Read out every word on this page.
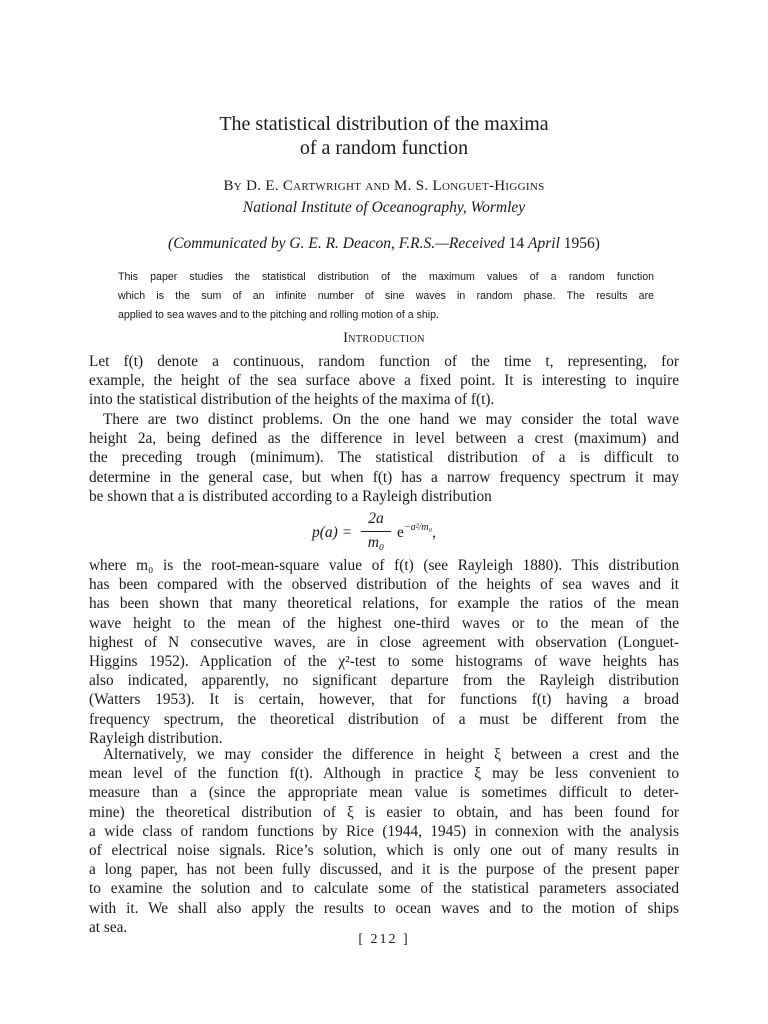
The statistical distribution of the maxima
of a random function
By D. E. Cartwright and M. S. Longuet-Higgins
National Institute of Oceanography, Wormley
(Communicated by G. E. R. Deacon, F.R.S.—Received 14 April 1956)
This paper studies the statistical distribution of the maximum values of a random function
which is the sum of an infinite number of sine waves in random phase. The results are
applied to sea waves and to the pitching and rolling motion of a ship.
Introduction
Let f(t) denote a continuous, random function of the time t, representing, for
example, the height of the sea surface above a fixed point. It is interesting to inquire
into the statistical distribution of the heights of the maxima of f(t).
There are two distinct problems. On the one hand we may consider the total wave
height 2a, being defined as the difference in level between a crest (maximum) and
the preceding trough (minimum). The statistical distribution of a is difficult to
determine in the general case, but when f(t) has a narrow frequency spectrum it may
be shown that a is distributed according to a Rayleigh distribution
p(a) =
2a
m₀
$e^{-a^2/m_0}$,
where m₀ is the root-mean-square value of f(t) (see Rayleigh 1880). This distribution
has been compared with the observed distribution of the heights of sea waves and it
has been shown that many theoretical relations, for example the ratios of the mean
wave height to the mean of the highest one-third waves or to the mean of the
highest of N consecutive waves, are in close agreement with observation (Longuet-
Higgins 1952). Application of the χ²-test to some histograms of wave heights has
also indicated, apparently, no significant departure from the Rayleigh distribution
(Watters 1953). It is certain, however, that for functions f(t) having a broad
frequency spectrum, the theoretical distribution of a must be different from the
Rayleigh distribution.
Alternatively, we may consider the difference in height ξ between a crest and the
mean level of the function f(t). Although in practice ξ may be less convenient to
measure than a (since the appropriate mean value is sometimes difficult to deter-
mine) the theoretical distribution of ξ is easier to obtain, and has been found for
a wide class of random functions by Rice (1944, 1945) in connexion with the analysis
of electrical noise signals. Rice’s solution, which is only one out of many results in
a long paper, has not been fully discussed, and it is the purpose of the present paper
to examine the solution and to calculate some of the statistical parameters associated
with it. We shall also apply the results to ocean waves and to the motion of ships
at sea.
[ 212 ]
